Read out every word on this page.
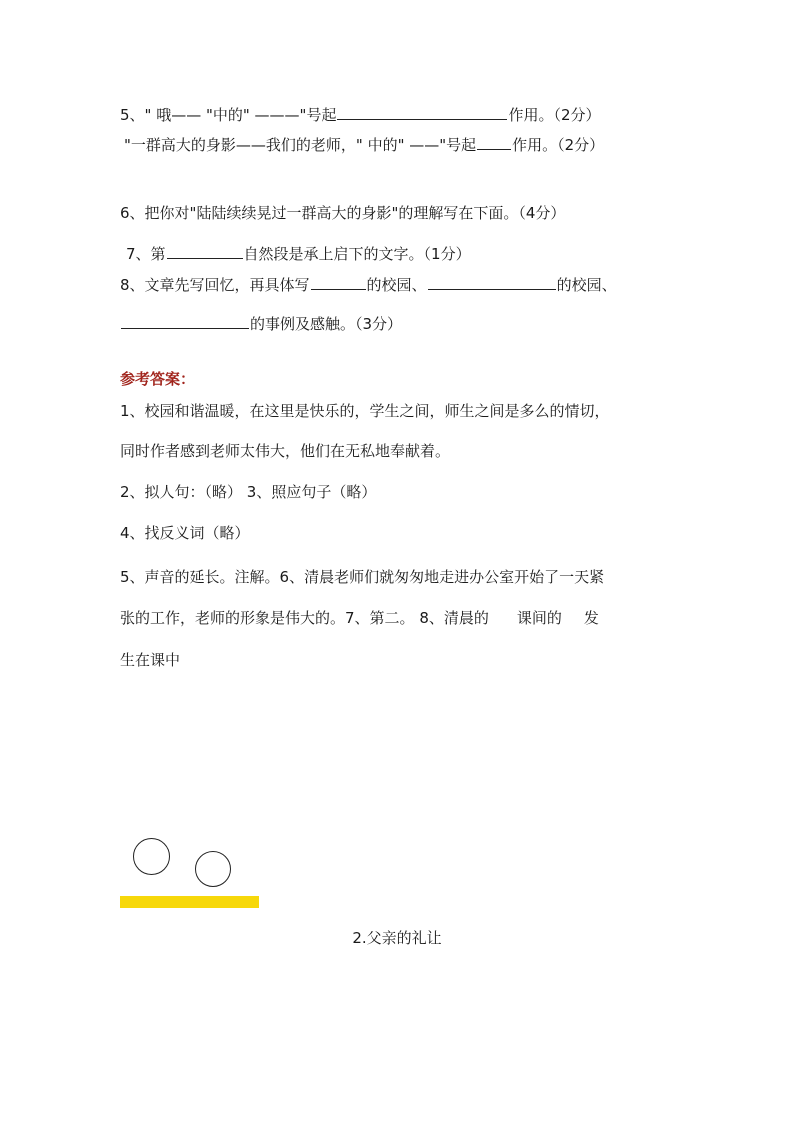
5、" 哦—— "中的" ———"号起	作用。（2分）
"一群高大的身影——我们的老师，" 中的" ——"号起 作用。（2分）
6、把你对"陆陆续续晃过一群高大的身影"的理解写在下面。（4分）
7、第	自然段是承上启下的文字。（1分）
8、文章先写回忆，再具体写	的校园、	的校园、
的事例及感触。（3分）
参考答案：
1、校园和谐温暖，在这里是快乐的，学生之间，师生之间是多么的情切，
同时作者感到老师太伟大，他们在无私地奉献着。
2、拟人句：（略） 3、照应句子（略）
4、找反义词（略）
5、声音的延长。注解。6、清晨老师们就匆匆地走进办公室开始了一天紧
张的工作，老师的形象是伟大的。7、第二。 8、清晨的 课间的 发
生在课中
2.父亲的礼让
